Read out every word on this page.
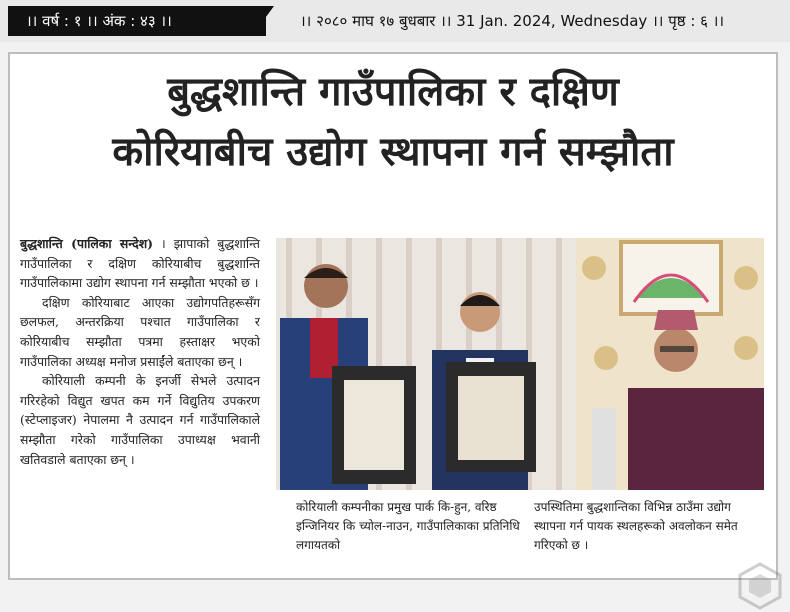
।। वर्ष : १ ।। अंक : ४३ ।।	।। २०८० माघ १७ बुधबार ।। 31 Jan. 2024, Wednesday ।। पृष्ठ : ६ ।।
बुद्धशान्ति गाउँपालिका र दक्षिण
कोरियाबीच उद्योग स्थापना गर्न सम्झौता

बुद्धशान्ति (पालिका सन्देश) । झापाको बुद्धशान्ति गाउँपालिका र दक्षिण कोरियाबीच बुद्धशान्ति गाउँपालिकामा उद्योग स्थापना गर्न सम्झौता भएको छ ।

दक्षिण कोरियाबाट आएका उद्योगपतिहरूसँग छलफल, अन्तरक्रिया पश्चात गाउँपालिका र कोरियाबीच सम्झौता पत्रमा हस्ताक्षर भएको गाउँपालिका अध्यक्ष मनोज प्रसाईंले बताएका छन् ।

कोरियाली कम्पनी के इनर्जी सेभले उत्पादन गरिरहेको विद्युत खपत कम गर्ने विद्युतिय उपकरण (स्टेप्लाइजर) नेपालमा नै उत्पादन गर्न गाउँपालिकाले सम्झौता गरेको गाउँपालिका उपाध्यक्ष भवानी खतिवडाले बताएका छन् ।

कोरियाली कम्पनीका प्रमुख पार्क कि-हुन, वरिष्ठ इन्जिनियर कि च्योल-नाउन, गाउँपालिकाका प्रतिनिधि लगायतको
उपस्थितिमा बुद्धशान्तिका विभिन्न ठाउँमा उद्योग स्थापना गर्न पायक स्थलहरूको अवलोकन समेत गरिएको छ ।
